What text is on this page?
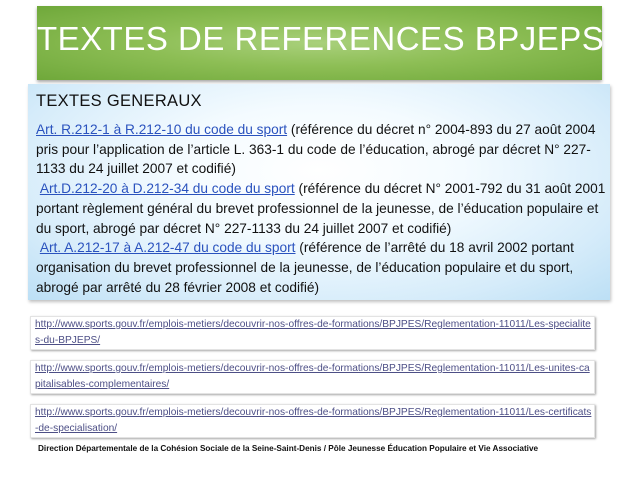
TEXTES DE REFERENCES BPJEPS
TEXTES GENERAUX
Art. R.212-1 à R.212-10 du code du sport (référence du décret n° 2004-893 du 27 août 2004 pris pour l’application de l’article L. 363-1 du code de l’éducation, abrogé par décret N° 227-1133 du 24 juillet 2007 et codifié)
Art.D.212-20 à D.212-34 du code du sport (référence du décret N° 2001-792 du 31 août 2001 portant règlement général du brevet professionnel de la jeunesse, de l’éducation populaire et du sport, abrogé par décret N° 227-1133 du 24 juillet 2007 et codifié)
Art. A.212-17 à A.212-47 du code du sport (référence de l’arrêté du 18 avril 2002 portant organisation du brevet professionnel de la jeunesse, de l’éducation populaire et du sport, abrogé par arrêté du 28 février 2008 et codifié)
http://www.sports.gouv.fr/emplois-metiers/decouvrir-nos-offres-de-formations/BPJPES/Reglementation-11011/Les-specialites-du-BPJEPS/
http://www.sports.gouv.fr/emplois-metiers/decouvrir-nos-offres-de-formations/BPJPES/Reglementation-11011/Les-unites-capitalisables-complementaires/
http://www.sports.gouv.fr/emplois-metiers/decouvrir-nos-offres-de-formations/BPJPES/Reglementation-11011/Les-certificats-de-specialisation/
Direction Départementale de la Cohésion Sociale de la Seine-Saint-Denis / Pôle Jeunesse Éducation Populaire et Vie Associative
